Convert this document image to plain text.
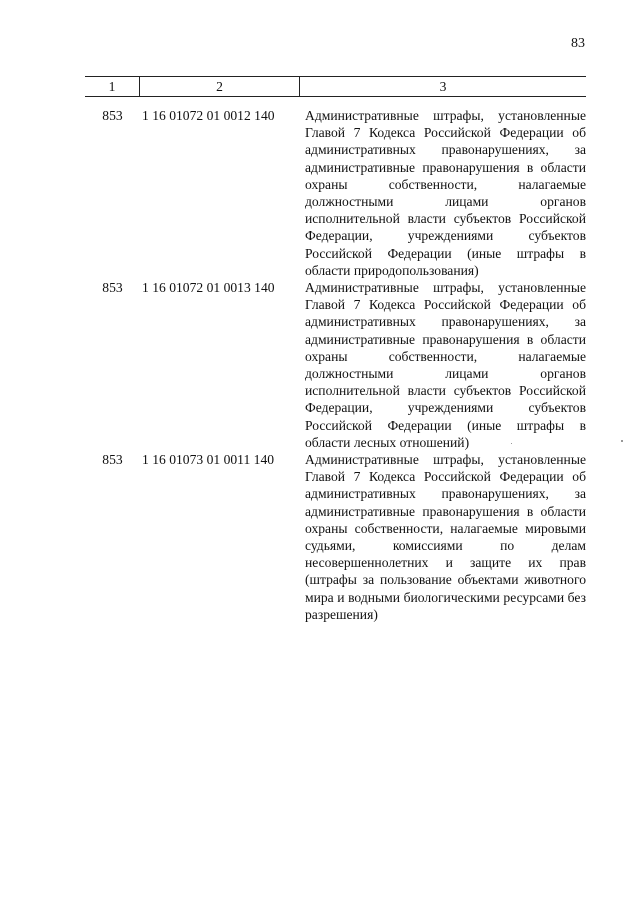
83
1	2	3
853	1 16 01072 01 0012 140	Административные штрафы, установленные Главой 7 Кодекса Российской Федерации об административных правонарушениях, за административные правонарушения в области охраны собственности, налагаемые должностными лицами органов исполнительной власти субъектов Российской Федерации, учреждениями субъектов Российской Федерации (иные штрафы в области природопользования)
853	1 16 01072 01 0013 140	Административные штрафы, установленные Главой 7 Кодекса Российской Федерации об административных правонарушениях, за административные правонарушения в области охраны собственности, налагаемые должностными лицами органов исполнительной власти субъектов Российской Федерации, учреждениями субъектов Российской Федерации (иные штрафы в области лесных отношений)
853	1 16 01073 01 0011 140	Административные штрафы, установленные Главой 7 Кодекса Российской Федерации об административных правонарушениях, за административные правонарушения в области охраны собственности, налагаемые мировыми судьями, комиссиями по делам несовершеннолетних и защите их прав (штрафы за пользование объектами животного мира и водными биологическими ресурсами без разрешения)
